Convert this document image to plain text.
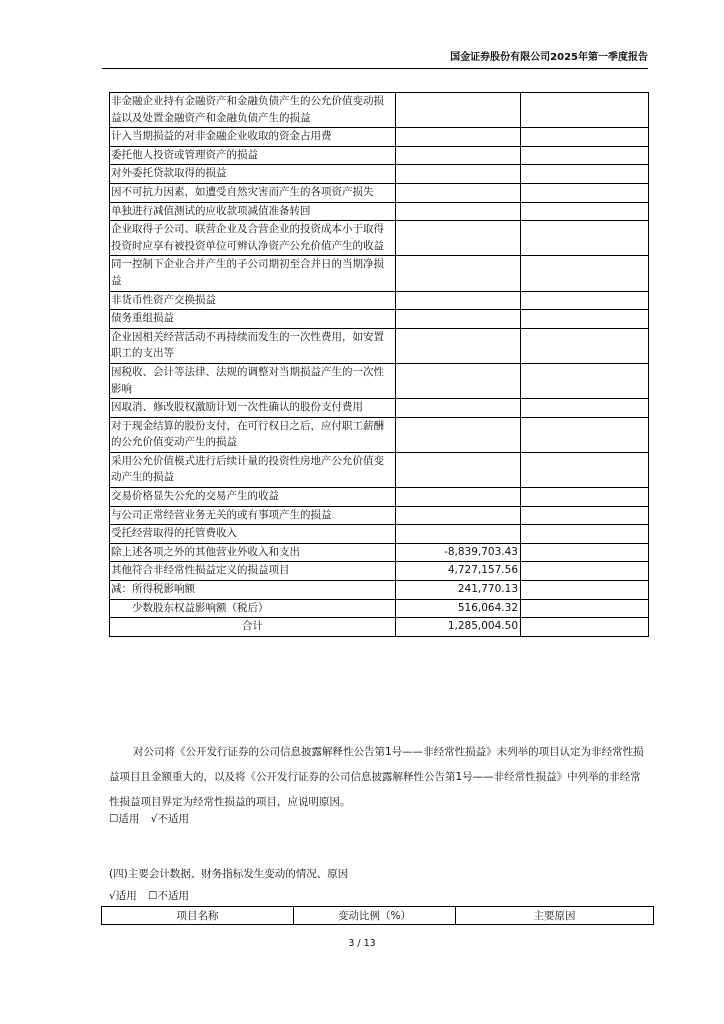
国金证券股份有限公司2025年第一季度报告
非金融企业持有金融资产和金融负债产生的公允价值变动损益以及处置金融资产和金融负债产生的损益		
计入当期损益的对非金融企业收取的资金占用费		
委托他人投资或管理资产的损益		
对外委托贷款取得的损益		
因不可抗力因素，如遭受自然灾害而产生的各项资产损失		
单独进行减值测试的应收款项减值准备转回		
企业取得子公司、联营企业及合营企业的投资成本小于取得投资时应享有被投资单位可辨认净资产公允价值产生的收益		
同一控制下企业合并产生的子公司期初至合并日的当期净损益		
非货币性资产交换损益		
债务重组损益		
企业因相关经营活动不再持续而发生的一次性费用，如安置职工的支出等		
因税收、会计等法律、法规的调整对当期损益产生的一次性影响		
因取消、修改股权激励计划一次性确认的股份支付费用		
对于现金结算的股份支付，在可行权日之后，应付职工薪酬的公允价值变动产生的损益		
采用公允价值模式进行后续计量的投资性房地产公允价值变动产生的损益		
交易价格显失公允的交易产生的收益		
与公司正常经营业务无关的或有事项产生的损益		
受托经营取得的托管费收入		
除上述各项之外的其他营业外收入和支出	-8,839,703.43	
其他符合非经常性损益定义的损益项目	4,727,157.56	
减：所得税影响额	241,770.13	
少数股东权益影响额（税后）	516,064.32	
合计	1,285,004.50	

对公司将《公开发行证券的公司信息披露解释性公告第1号——非经常性损益》未列举的项目认定为非经常性损益项目且金额重大的，以及将《公开发行证券的公司信息披露解释性公告第1号——非经常性损益》中列举的非经常性损益项目界定为经常性损益的项目，应说明原因。

☐适用 √不适用
(四)主要会计数据、财务指标发生变动的情况、原因
√适用 ☐不适用
项目名称	变动比例（%）	主要原因
3 / 13
